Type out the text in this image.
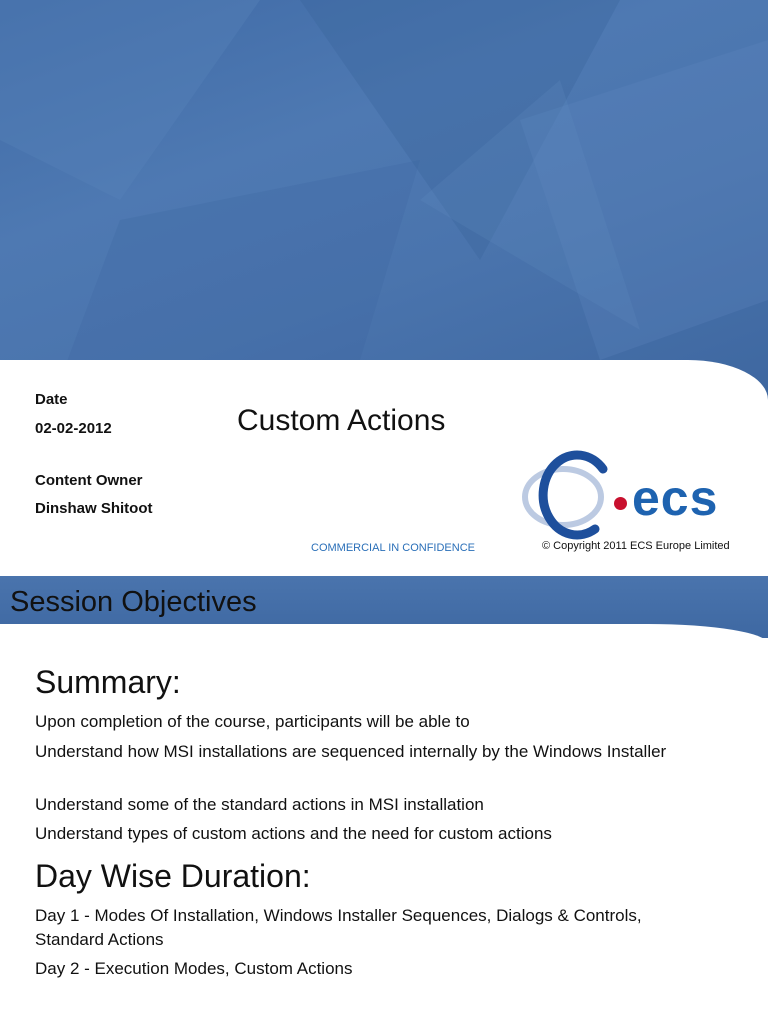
Date
02-02-2012
Content Owner
Dinshaw Shitoot
Custom Actions
ecs
COMMERCIAL IN CONFIDENCE	© Copyright 2011 ECS Europe Limited
Session Objectives
Summary:
Upon completion of the course, participants will be able to
Understand how MSI installations are sequenced internally by the Windows Installer
Understand some of the standard actions in MSI installation
Understand types of custom actions and the need for custom actions
Day Wise Duration:
Day 1 - Modes Of Installation, Windows Installer Sequences, Dialogs & Controls, Standard Actions
Day 2 - Execution Modes, Custom Actions
